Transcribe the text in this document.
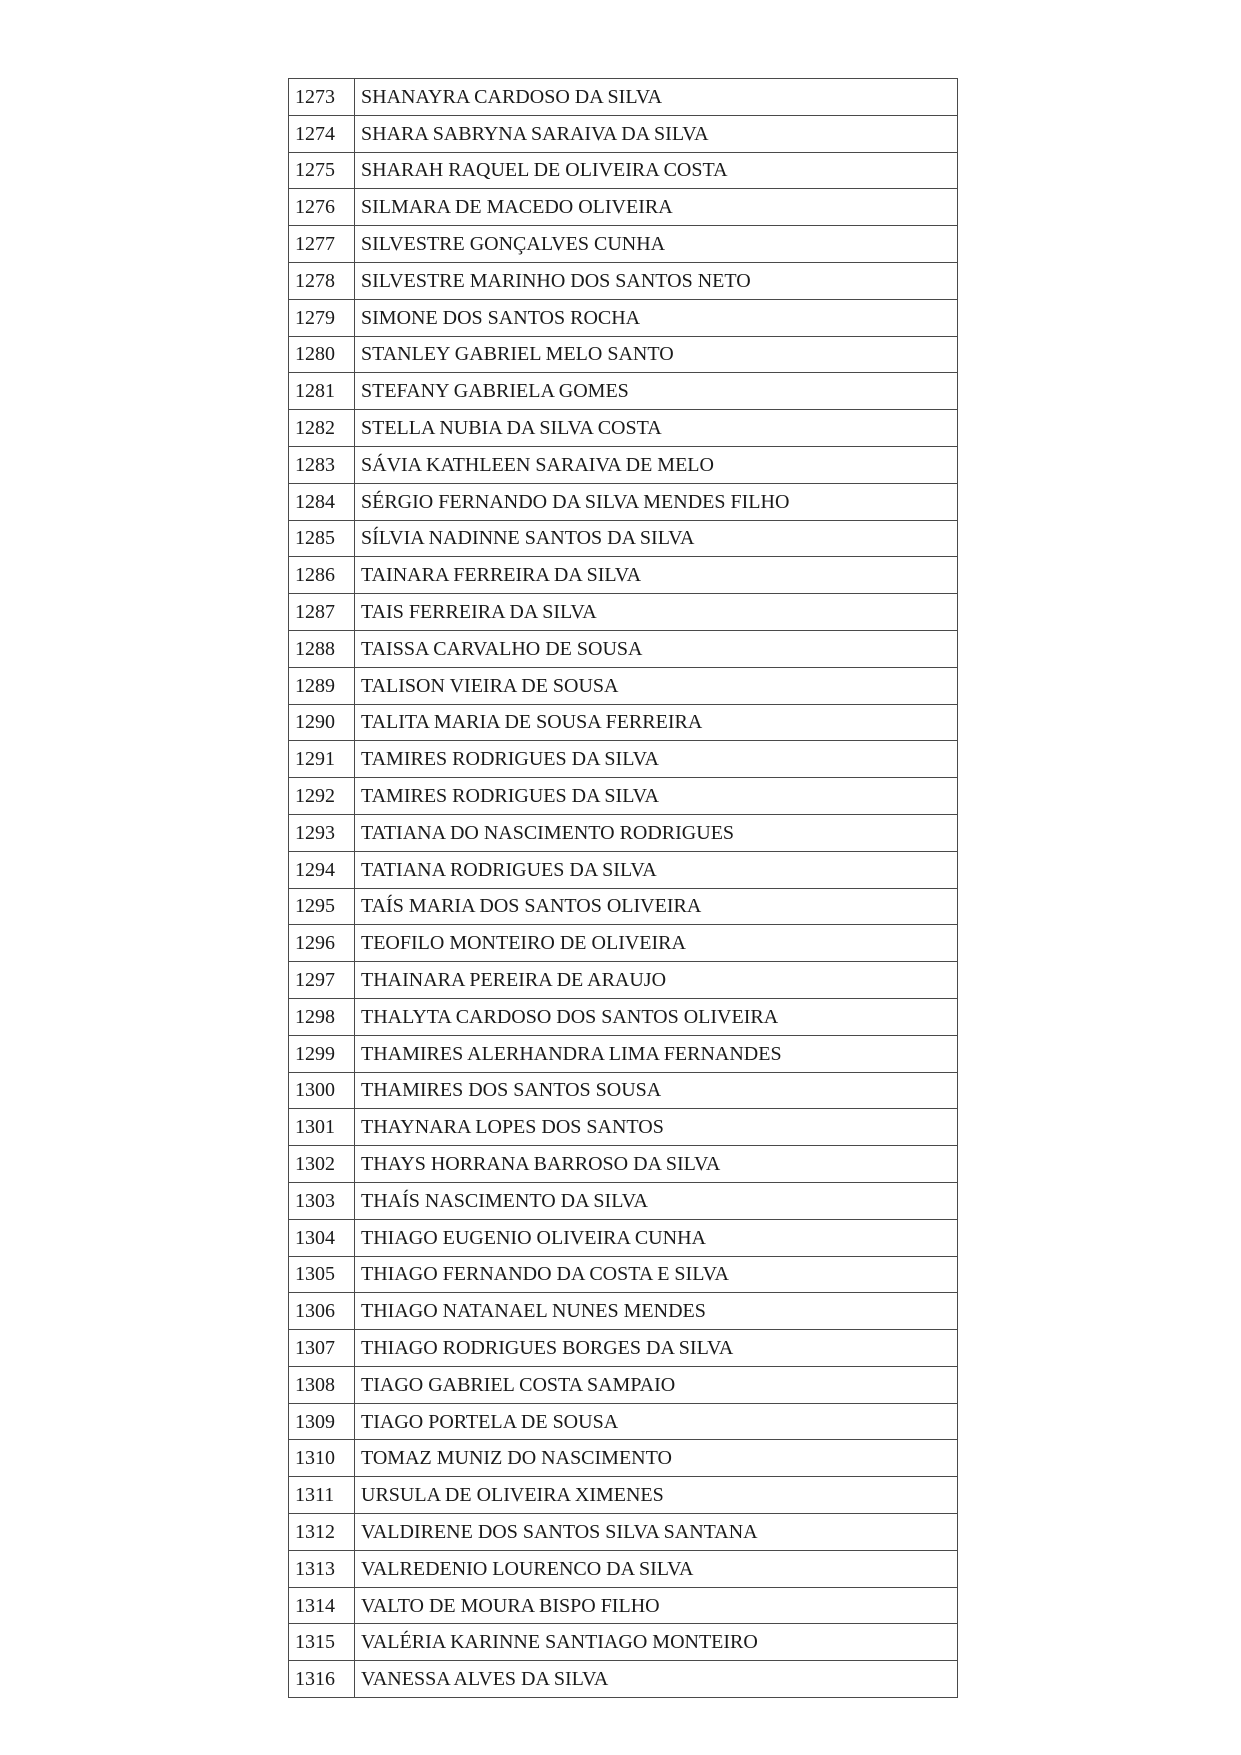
1273	SHANAYRA CARDOSO DA SILVA
1274	SHARA SABRYNA SARAIVA DA SILVA
1275	SHARAH RAQUEL DE OLIVEIRA COSTA
1276	SILMARA DE MACEDO OLIVEIRA
1277	SILVESTRE GONÇALVES CUNHA
1278	SILVESTRE MARINHO DOS SANTOS NETO
1279	SIMONE DOS SANTOS ROCHA
1280	STANLEY GABRIEL MELO SANTO
1281	STEFANY GABRIELA GOMES
1282	STELLA NUBIA DA SILVA COSTA
1283	SÁVIA KATHLEEN SARAIVA DE MELO
1284	SÉRGIO FERNANDO DA SILVA MENDES FILHO
1285	SÍLVIA NADINNE SANTOS DA SILVA
1286	TAINARA FERREIRA DA SILVA
1287	TAIS FERREIRA DA SILVA
1288	TAISSA CARVALHO DE SOUSA
1289	TALISON VIEIRA DE SOUSA
1290	TALITA MARIA DE SOUSA FERREIRA
1291	TAMIRES RODRIGUES DA SILVA
1292	TAMIRES RODRIGUES DA SILVA
1293	TATIANA DO NASCIMENTO RODRIGUES
1294	TATIANA RODRIGUES DA SILVA
1295	TAÍS MARIA DOS SANTOS OLIVEIRA
1296	TEOFILO MONTEIRO DE OLIVEIRA
1297	THAINARA PEREIRA DE ARAUJO
1298	THALYTA CARDOSO DOS SANTOS OLIVEIRA
1299	THAMIRES ALERHANDRA LIMA FERNANDES
1300	THAMIRES DOS SANTOS SOUSA
1301	THAYNARA LOPES DOS SANTOS
1302	THAYS HORRANA BARROSO DA SILVA
1303	THAÍS NASCIMENTO DA SILVA
1304	THIAGO EUGENIO OLIVEIRA CUNHA
1305	THIAGO FERNANDO DA COSTA E SILVA
1306	THIAGO NATANAEL NUNES MENDES
1307	THIAGO RODRIGUES BORGES DA SILVA
1308	TIAGO GABRIEL COSTA SAMPAIO
1309	TIAGO PORTELA DE SOUSA
1310	TOMAZ MUNIZ DO NASCIMENTO
1311	URSULA DE OLIVEIRA XIMENES
1312	VALDIRENE DOS SANTOS SILVA SANTANA
1313	VALREDENIO LOURENCO DA SILVA
1314	VALTO DE MOURA BISPO FILHO
1315	VALÉRIA KARINNE SANTIAGO MONTEIRO
1316	VANESSA ALVES DA SILVA
